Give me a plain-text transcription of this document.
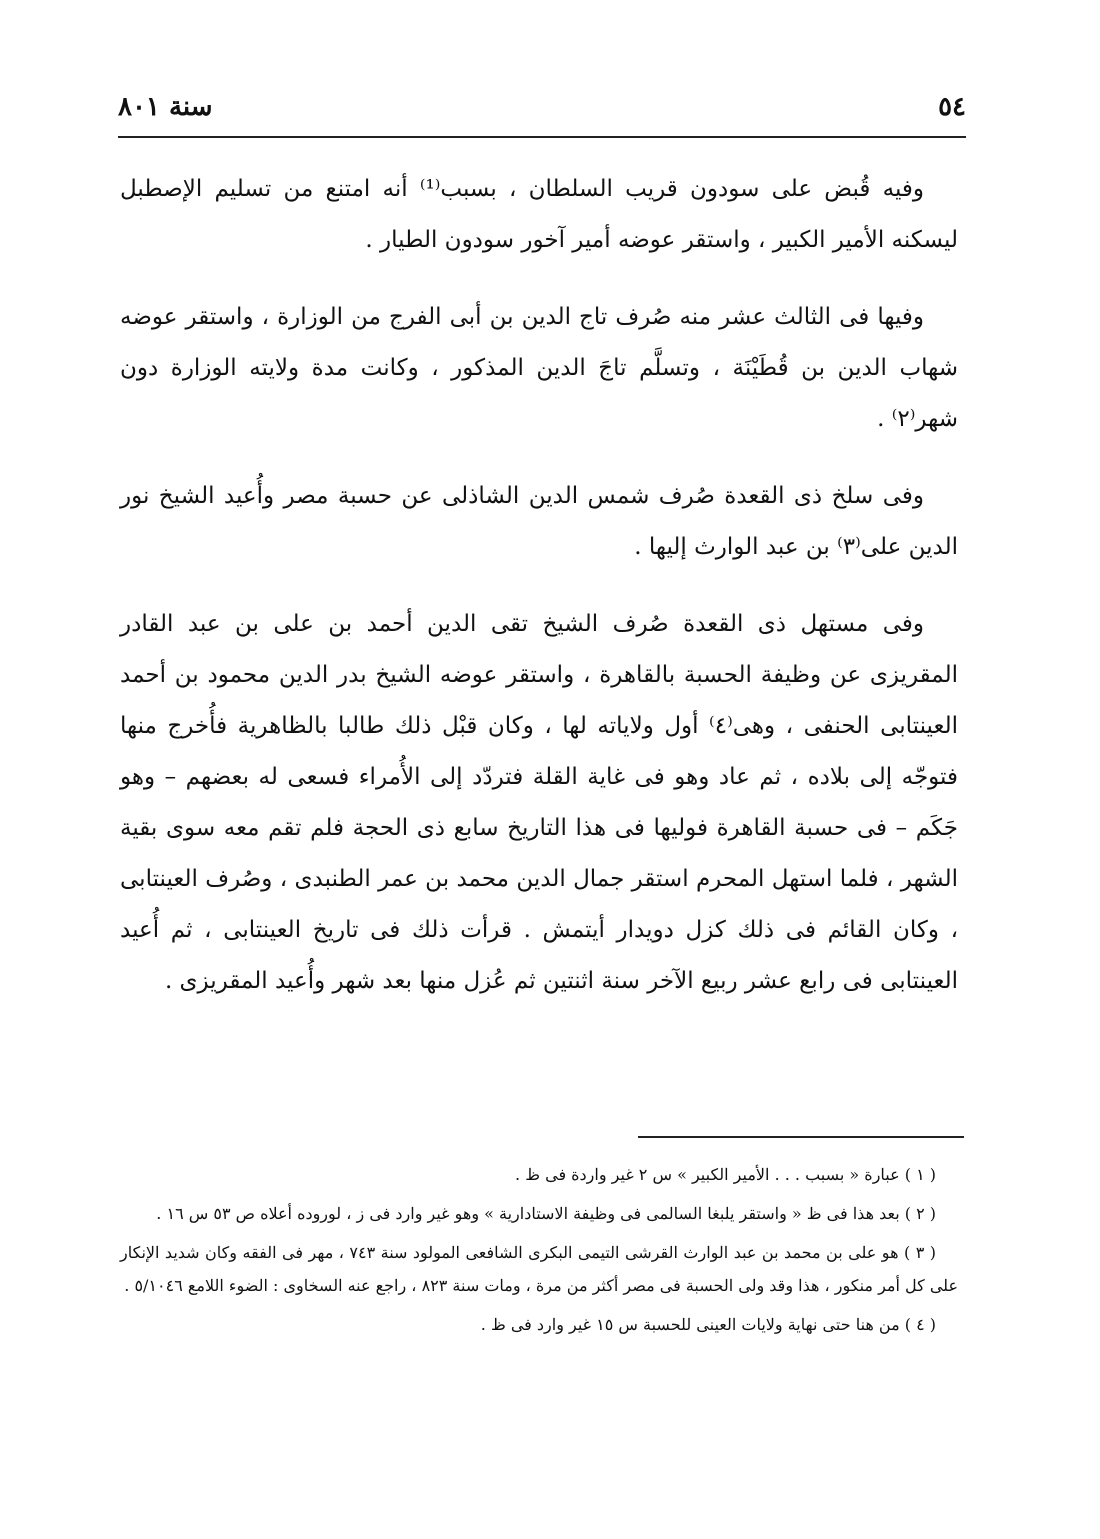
٥٤
سنة ٨٠١

وفيه قُبض على سودون قريب السلطان ، بسبب⁽¹⁾ أنه امتنع من تسليم الإصطبل ليسكنه الأمير الكبير ، واستقر عوضه أمير آخور سودون الطيار .

وفيها فى الثالث عشر منه صُرف تاج الدين بن أبى الفرج من الوزارة ، واستقر عوضه شهاب الدين بن قُطَيْنَة ، وتسلَّم تاجَ الدين المذكور ، وكانت مدة ولايته الوزارة دون شهر⁽٢⁾ .

وفى سلخ ذى القعدة صُرف شمس الدين الشاذلى عن حسبة مصر وأُعيد الشيخ نور الدين على⁽٣⁾ بن عبد الوارث إليها .

وفى مستهل ذى القعدة صُرف الشيخ تقى الدين أحمد بن على بن عبد القادر المقريزى عن وظيفة الحسبة بالقاهرة ، واستقر عوضه الشيخ بدر الدين محمود بن أحمد العينتابى الحنفى ، وهى⁽٤⁾ أول ولاياته لها ، وكان قبْل ذلك طالبا بالظاهرية فأُخرج منها فتوجّه إلى بلاده ، ثم عاد وهو فى غاية القلة فتردّد إلى الأُمراء فسعى له بعضهم – وهو جَكَم – فى حسبة القاهرة فوليها فى هذا التاريخ سابع ذى الحجة فلم تقم معه سوى بقية الشهر ، فلما استهل المحرم استقر جمال الدين محمد بن عمر الطنبدى ، وصُرف العينتابى ، وكان القائم فى ذلك كزل دويدار أيتمش . قرأت ذلك فى تاريخ العينتابى ، ثم أُعيد العينتابى فى رابع عشر ربيع الآخر سنة اثنتين ثم عُزل منها بعد شهر وأُعيد المقريزى .

( ١ ) عبارة « بسبب . . . الأمير الكبير » س ٢ غير واردة فى ظ .

( ٢ ) بعد هذا فى ظ « واستقر يلبغا السالمى فى وظيفة الاستادارية » وهو غير وارد فى ز ، لوروده أعلاه ص ٥٣ س ١٦ .

( ٣ ) هو على بن محمد بن عبد الوارث القرشى التيمى البكرى الشافعى المولود سنة ٧٤٣ ، مهر فى الفقه وكان شديد الإنكار على كل أمر منكور ، هذا وقد ولى الحسبة فى مصر أكثر من مرة ، ومات سنة ٨٢٣ ، راجع عنه السخاوى : الضوء اللامع ٥/١٠٤٦ .

( ٤ ) من هنا حتى نهاية ولايات العينى للحسبة س ١٥ غير وارد فى ظ .
